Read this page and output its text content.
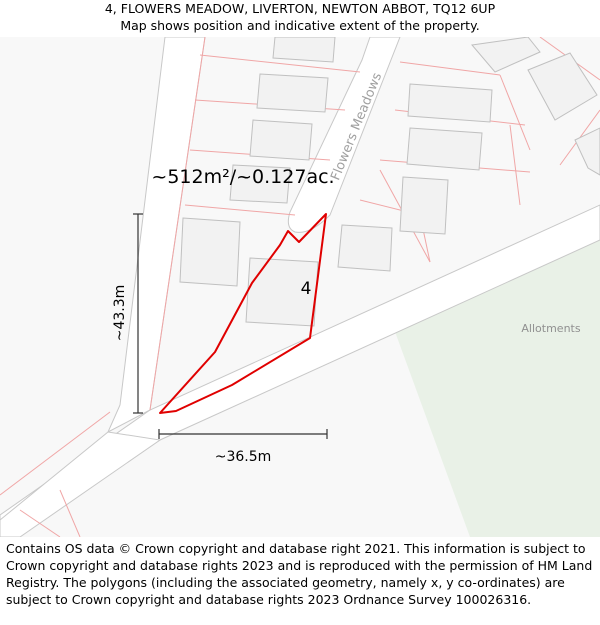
4, FLOWERS MEADOW, LIVERTON, NEWTON ABBOT, TQ12 6UP
Map shows position and indicative extent of the property.
~512m²/~0.127ac.
4
~36.5m
~43.3m
Flowers Meadows
Allotments
Contains OS data © Crown copyright and database right 2021. This information is subject to Crown copyright and database rights 2023 and is reproduced with the permission of HM Land Registry. The polygons (including the associated geometry, namely x, y co-ordinates) are subject to Crown copyright and database rights 2023 Ordnance Survey 100026316.
